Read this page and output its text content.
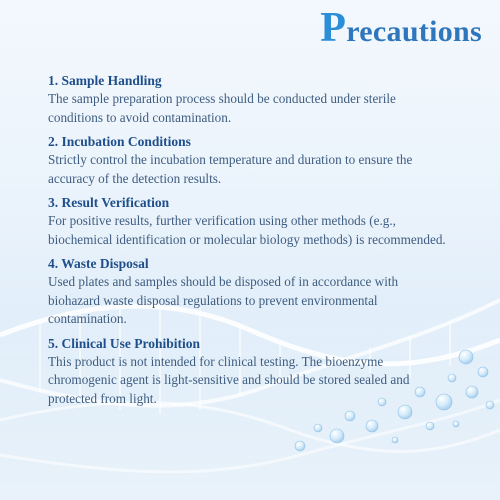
Precautions

1. Sample Handling

The sample preparation process should be conducted under sterile conditions to avoid contamination.

2. Incubation Conditions

Strictly control the incubation temperature and duration to ensure the accuracy of the detection results.

3. Result Verification

For positive results, further verification using other methods (e.g., biochemical identification or molecular biology methods) is recommended.

4. Waste Disposal

Used plates and samples should be disposed of in accordance with biohazard waste disposal regulations to prevent environmental contamination.

5. Clinical Use Prohibition

This product is not intended for clinical testing. The bioenzyme chromogenic agent is light-sensitive and should be stored sealed and protected from light.
